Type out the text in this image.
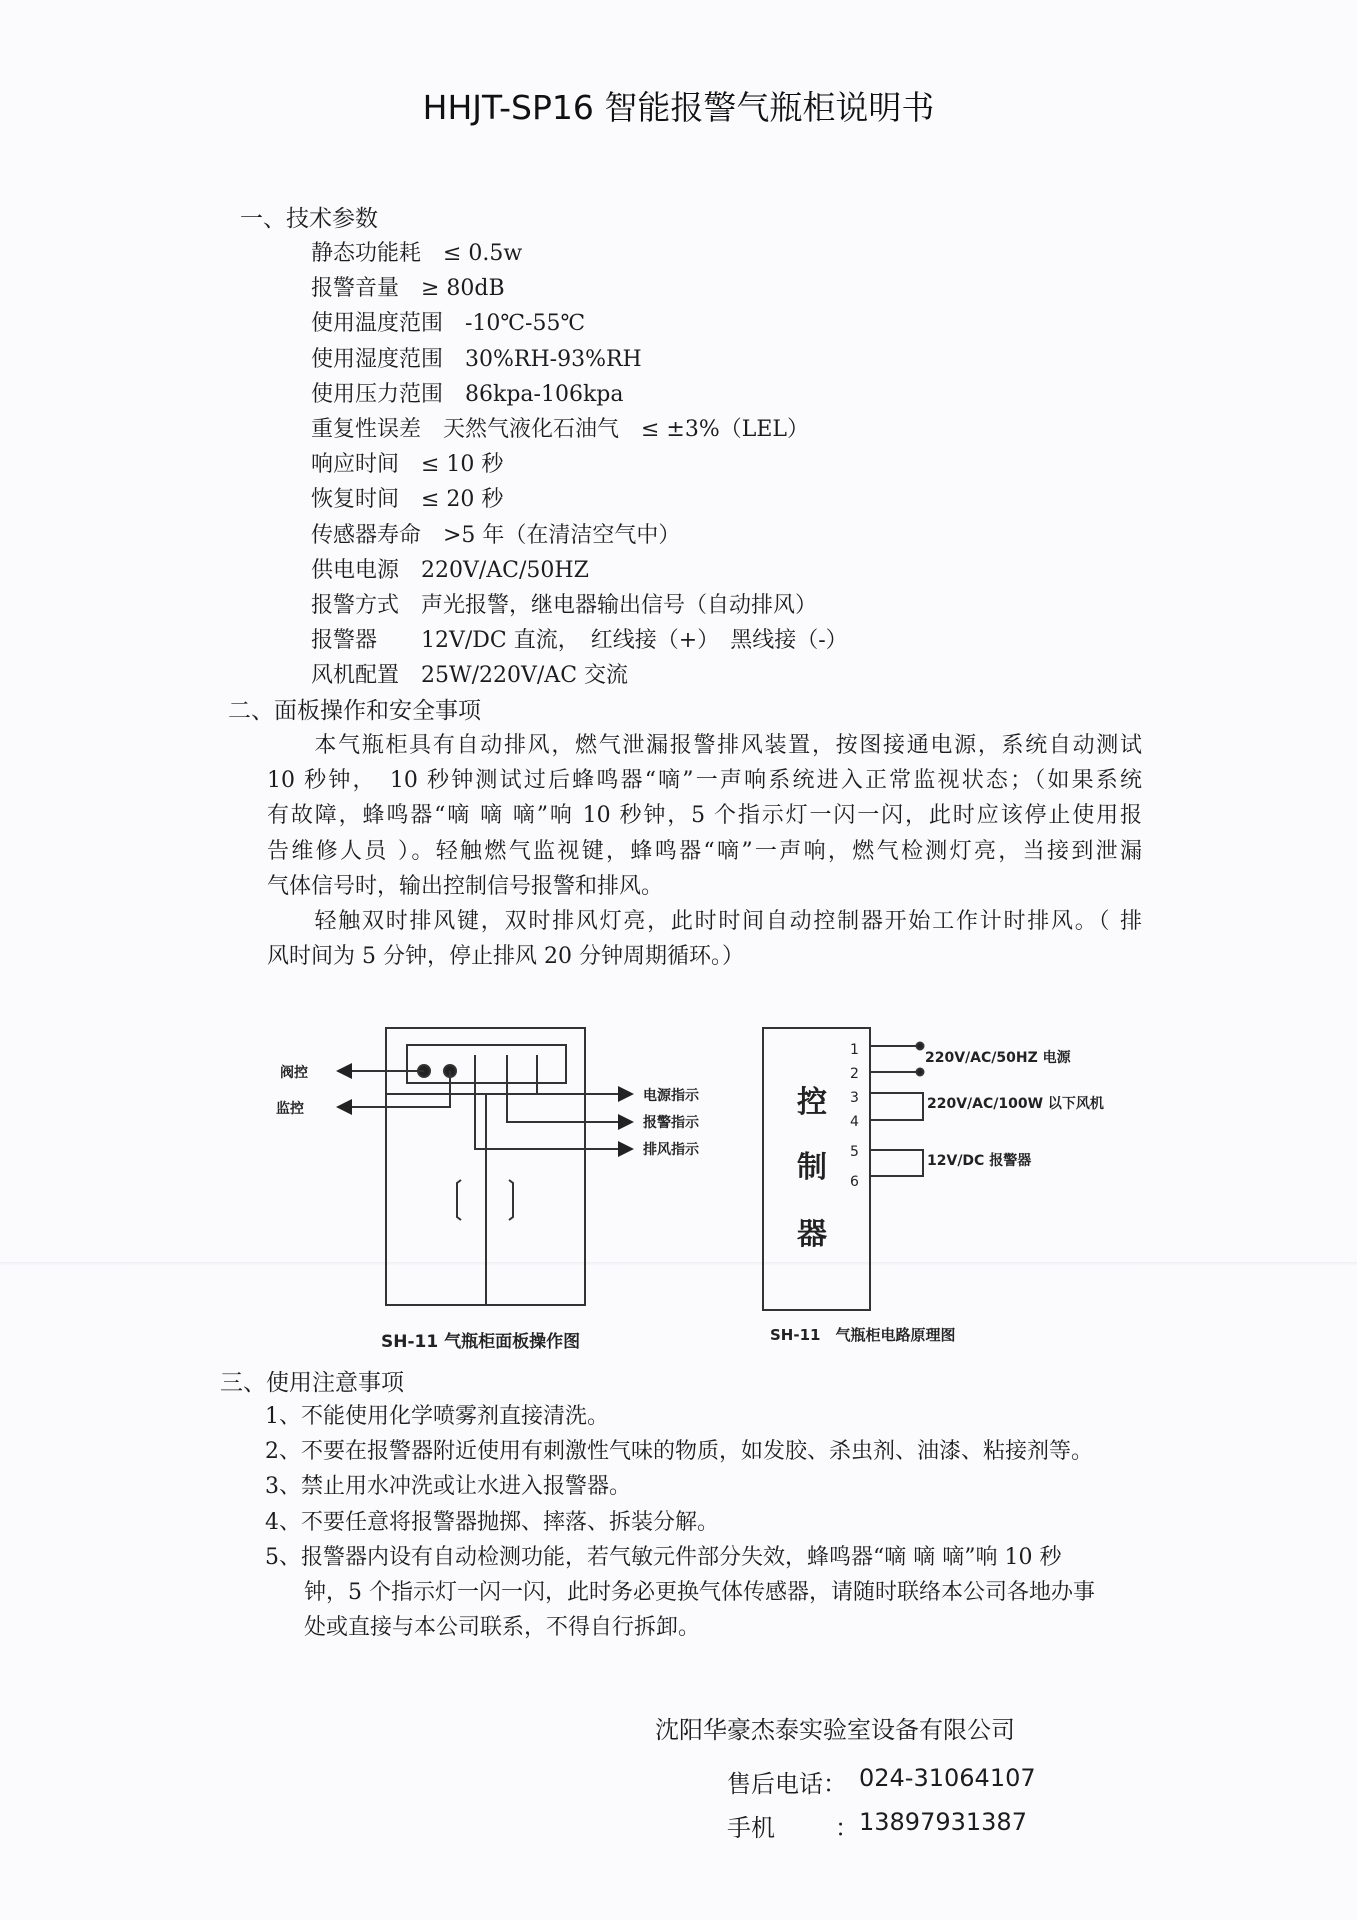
HHJT-SP16 智能报警气瓶柜说明书
一、技术参数
静态功能耗　≤ 0.5w
报警音量　≥ 80dB
使用温度范围　-10℃-55℃
使用湿度范围　30%RH-93%RH
使用压力范围　86kpa-106kpa
重复性误差　天然气液化石油气　≤ ±3%（LEL）
响应时间　≤ 10 秒
恢复时间　≤ 20 秒
传感器寿命　>5 年（在清洁空气中）
供电电源　220V/AC/50HZ
报警方式　声光报警，继电器输出信号（自动排风）
报警器　　12V/DC 直流，　红线接（+）　黑线接（-）
风机配置　25W/220V/AC 交流
二、面板操作和安全事项
　　本气瓶柜具有自动排风，燃气泄漏报警排风装置，按图接通电源，系统自动测试
10 秒钟，　10 秒钟测试过后蜂鸣器“嘀”一声响系统进入正常监视状态；（如果系统
有故障，蜂鸣器“嘀 嘀 嘀”响 10 秒钟，5 个指示灯一闪一闪，此时应该停止使用报
告维修人员 ）。轻触燃气监视键，蜂鸣器“嘀”一声响，燃气检测灯亮，当接到泄漏
气体信号时，输出控制信号报警和排风。
　　轻触双时排风键，双时排风灯亮，此时时间自动控制器开始工作计时排风。（ 排
风时间为 5 分钟，停止排风 20 分钟周期循环。）
阀控
监控
电源指示
报警指示
排风指示
SH-11 气瓶柜面板操作图
控
制
器
1
2
3
4
5
6
220V/AC/50HZ 电源
220V/AC/100W 以下风机
12V/DC 报警器
SH-11　气瓶柜电路原理图
三、使用注意事项
1、不能使用化学喷雾剂直接清洗。
2、不要在报警器附近使用有刺激性气味的物质，如发胶、杀虫剂、油漆、粘接剂等。
3、禁止用水冲洗或让水进入报警器。
4、不要任意将报警器抛掷、摔落、拆装分解。
5、报警器内设有自动检测功能，若气敏元件部分失效，蜂鸣器“嘀 嘀 嘀”响 10 秒
钟，5 个指示灯一闪一闪，此时务必更换气体传感器，请随时联络本公司各地办事
处或直接与本公司联系，不得自行拆卸。
沈阳华豪杰泰实验室设备有限公司
售后电话： 024-31064107
手机	： 13897931387
